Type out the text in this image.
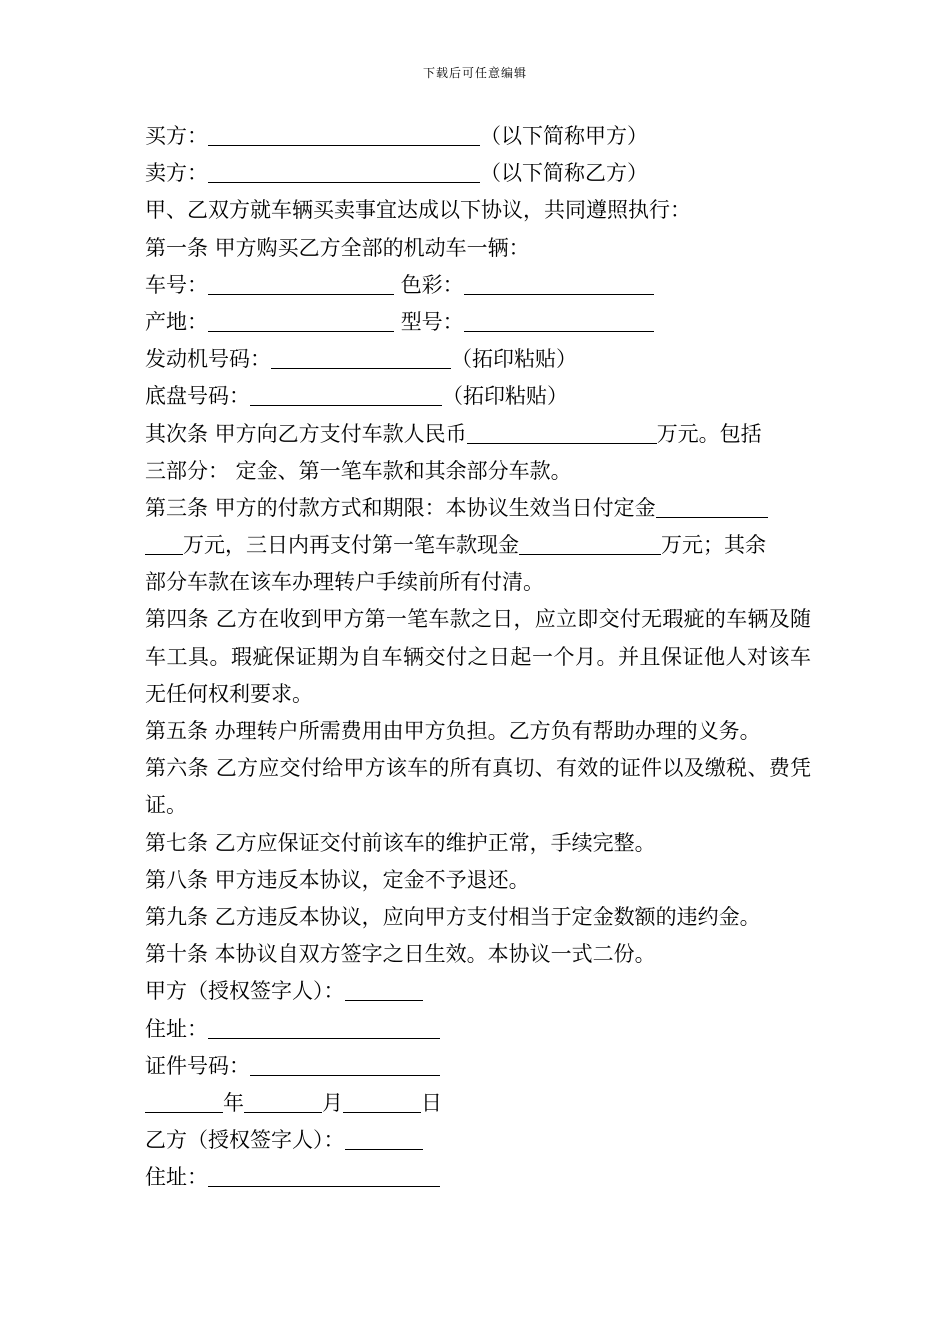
下载后可任意编辑
买方：	（以下简称甲方）
卖方：	（以下简称乙方）
甲、乙双方就车辆买卖事宜达成以下协议，共同遵照执行：
第一条 甲方购买乙方全部的机动车一辆：
车号：	色彩：
产地：	型号：
发动机号码：	（拓印粘贴）
底盘号码：	（拓印粘贴）
其次条 甲方向乙方支付车款人民币	万元。包括
三部分： 定金、第一笔车款和其余部分车款。
第三条 甲方的付款方式和期限：本协议生效当日付定金
万元，三日内再支付第一笔车款现金	万元；其余
部分车款在该车办理转户手续前所有付清。
第四条 乙方在收到甲方第一笔车款之日，应立即交付无瑕疵的车辆及随车工具。瑕疵保证期为自车辆交付之日起一个月。并且保证他人对该车无任何权利要求。
第五条 办理转户所需费用由甲方负担。乙方负有帮助办理的义务。
第六条 乙方应交付给甲方该车的所有真切、有效的证件以及缴税、费凭证。
第七条 乙方应保证交付前该车的维护正常，手续完整。
第八条 甲方违反本协议，定金不予退还。
第九条 乙方违反本协议，应向甲方支付相当于定金数额的违约金。
第十条 本协议自双方签字之日生效。本协议一式二份。
甲方（授权签字人）：
住址：
证件号码：
年	月	日
乙方（授权签字人）：
住址：
